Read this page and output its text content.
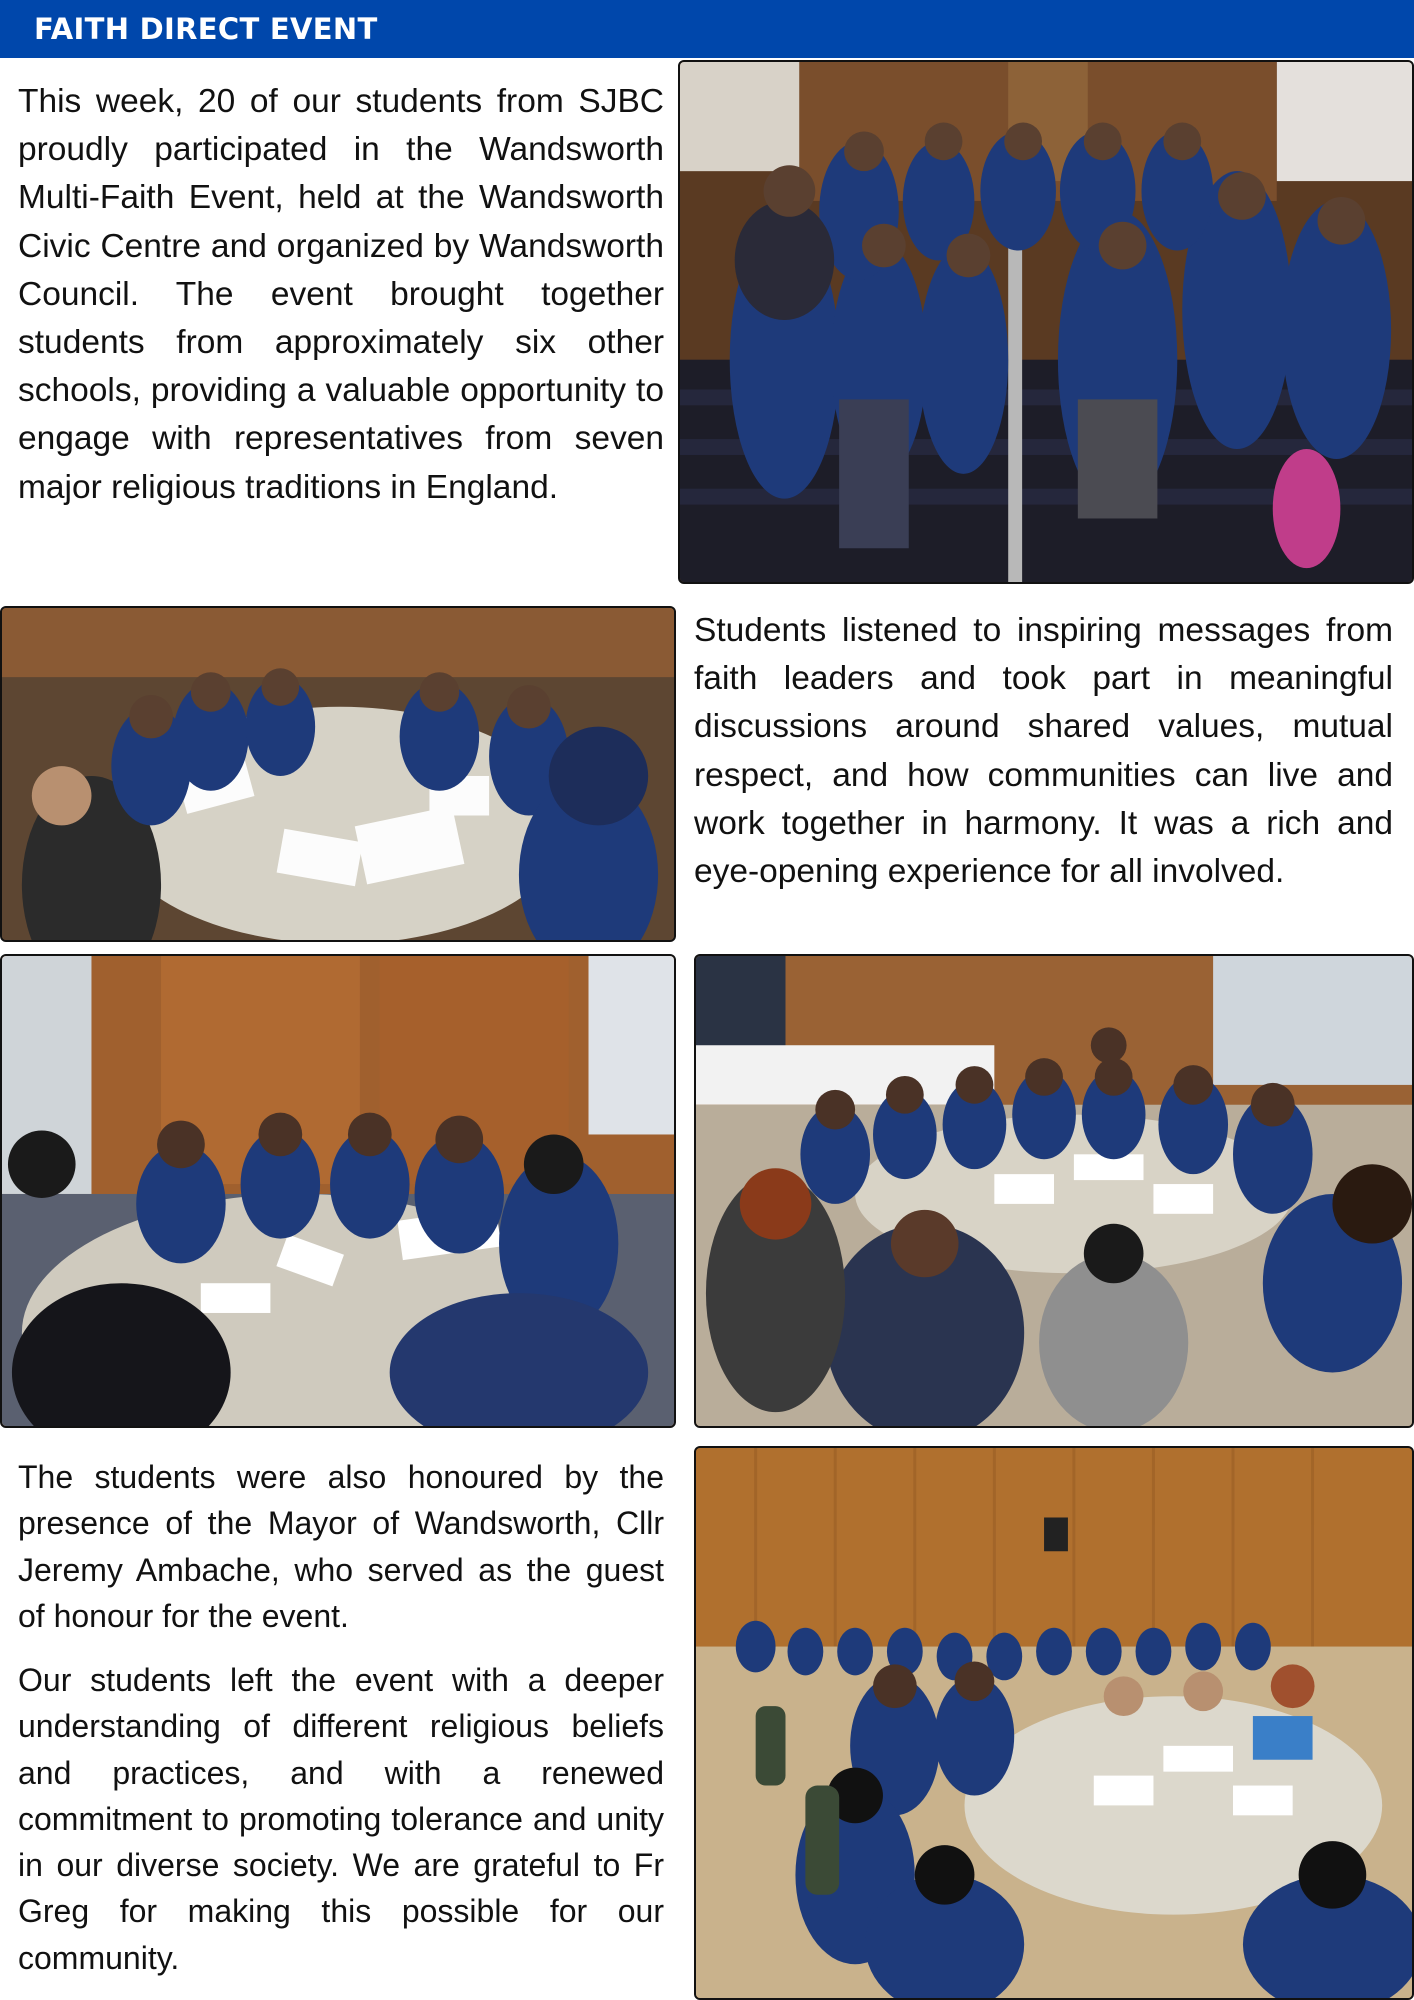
FAITH DIRECT EVENT

This week, 20 of our students from SJBC proudly participated in the Wandsworth Multi-Faith Event, held at the Wandsworth Civic Centre and organized by Wandsworth Council. The event brought together students from approximately six other schools, providing a valuable opportunity to engage with representatives from seven major religious traditions in England.

Students listened to inspiring messages from faith leaders and took part in meaningful discussions around shared values, mutual respect, and how communities can live and work together in harmony. It was a rich and eye-opening experience for all involved.

The students were also honoured by the presence of the Mayor of Wandsworth, Cllr Jeremy Ambache, who served as the guest of honour for the event.

Our students left the event with a deeper understanding of different religious beliefs and practices, and with a renewed commitment to promoting tolerance and unity in our diverse society. We are grateful to Fr Greg for making this possible for our community.
